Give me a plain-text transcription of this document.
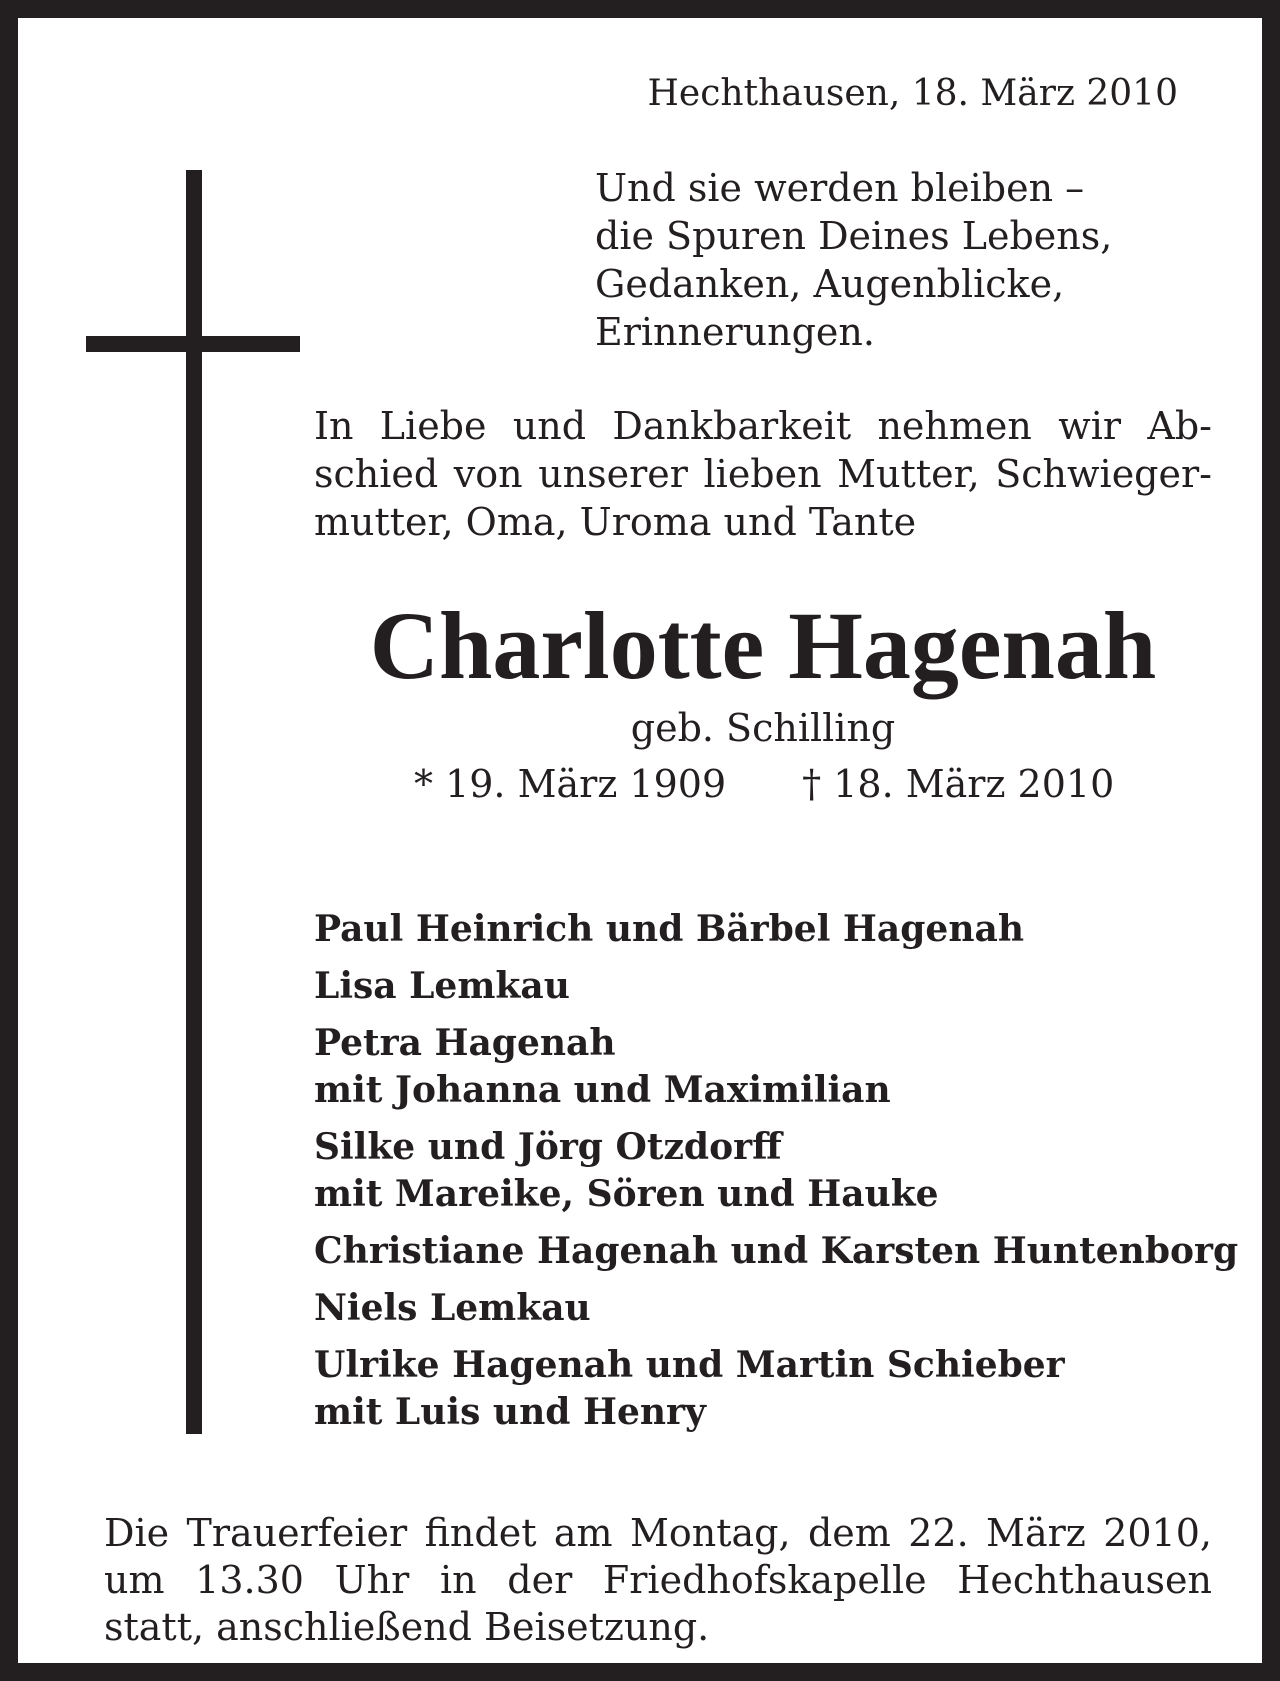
Hechthausen, 18. März 2010
Und sie werden bleiben –
die Spuren Deines Lebens,
Gedanken, Augenblicke,
Erinnerungen.
In Liebe und Dankbarkeit nehmen wir Ab-
schied von unserer lieben Mutter, Schwieger-
mutter, Oma, Uroma und Tante
Charlotte Hagenah
geb. Schilling
* 19. März 1909 † 18. März 2010
Paul Heinrich und Bärbel Hagenah
Lisa Lemkau
Petra Hagenah
mit Johanna und Maximilian
Silke und Jörg Otzdorff
mit Mareike, Sören und Hauke
Christiane Hagenah und Karsten Huntenborg
Niels Lemkau
Ulrike Hagenah und Martin Schieber
mit Luis und Henry
Die Trauerfeier findet am Montag, dem 22. März 2010,
um 13.30 Uhr in der Friedhofskapelle Hechthausen
statt, anschließend Beisetzung.
